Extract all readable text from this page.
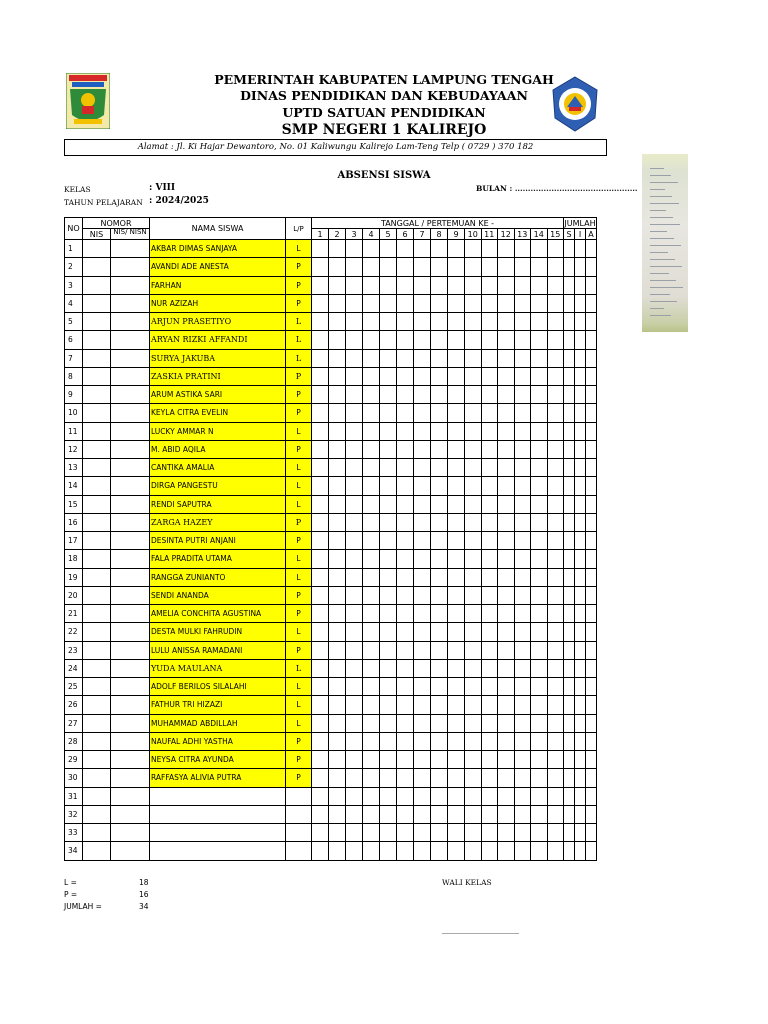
PEMERINTAH KABUPATEN LAMPUNG TENGAH
DINAS PENDIDIKAN DAN KEBUDAYAAN
UPTD SATUAN PENDIDIKAN
SMP NEGERI 1 KALIREJO
Alamat : Jl. Ki Hajar Dewantoro, No. 01 Kaliwungu Kalirejo Lam-Teng Telp ( 0729 ) 370 182
ABSENSI SISWA
KELAS	: VIII
TAHUN PELAJARAN : 2024/2025
BULAN : ...............................................
NO	NOMOR		NAMA SISWA	L/P	TANGGAL / PERTEMUAN KE -															JUMLAH		
	NIS	NIS/ NISN			1	2	3	4	5	6	7	8	9	10	11	12	13	14	15	S	I	A
1			AKBAR DIMAS SANJAYA	L																		
2			AVANDI ADE ANESTA	P																		
3			FARHAN	P																		
4			NUR AZIZAH	P																		
5			ARJUN PRASETIYO	L																		
6			ARYAN RIZKI AFFANDI	L																		
7			SURYA JAKUBA	L																		
8			ZASKIA PRATINI	P																		
9			ARUM ASTIKA SARI	P																		
10			KEYLA CITRA EVELIN	P																		
11			LUCKY AMMAR N	L																		
12			M. ABID AQILA	P																		
13			CANTIKA AMALIA	L																		
14			DIRGA PANGESTU	L																		
15			RENDI SAPUTRA	L																		
16			ZARGA HAZEY	P																		
17			DESINTA PUTRI ANJANI	P																		
18			FALA PRADITA UTAMA	L																		
19			RANGGA ZUNIANTO	L																		
20			SENDI ANANDA	P																		
21			AMELIA CONCHITA AGUSTINA	P																		
22			DESTA MULKI FAHRUDIN	L																		
23			LULU ANISSA RAMADANI	P																		
24			YUDA MAULANA	L																		
25			ADOLF BERILOS SILALAHI	L																		
26			FATHUR TRI HIZAZI	L																		
27			MUHAMMAD ABDILLAH	L																		
28			NAUFAL ADHI YASTHA	P																		
29			NEYSA CITRA AYUNDA	P																		
30			RAFFASYA ALIVIA PUTRA	P																		
31																						
32																						
33																						
34																						
L =	18
P =	16
JUMLAH =	34
WALI KELAS
______________________
